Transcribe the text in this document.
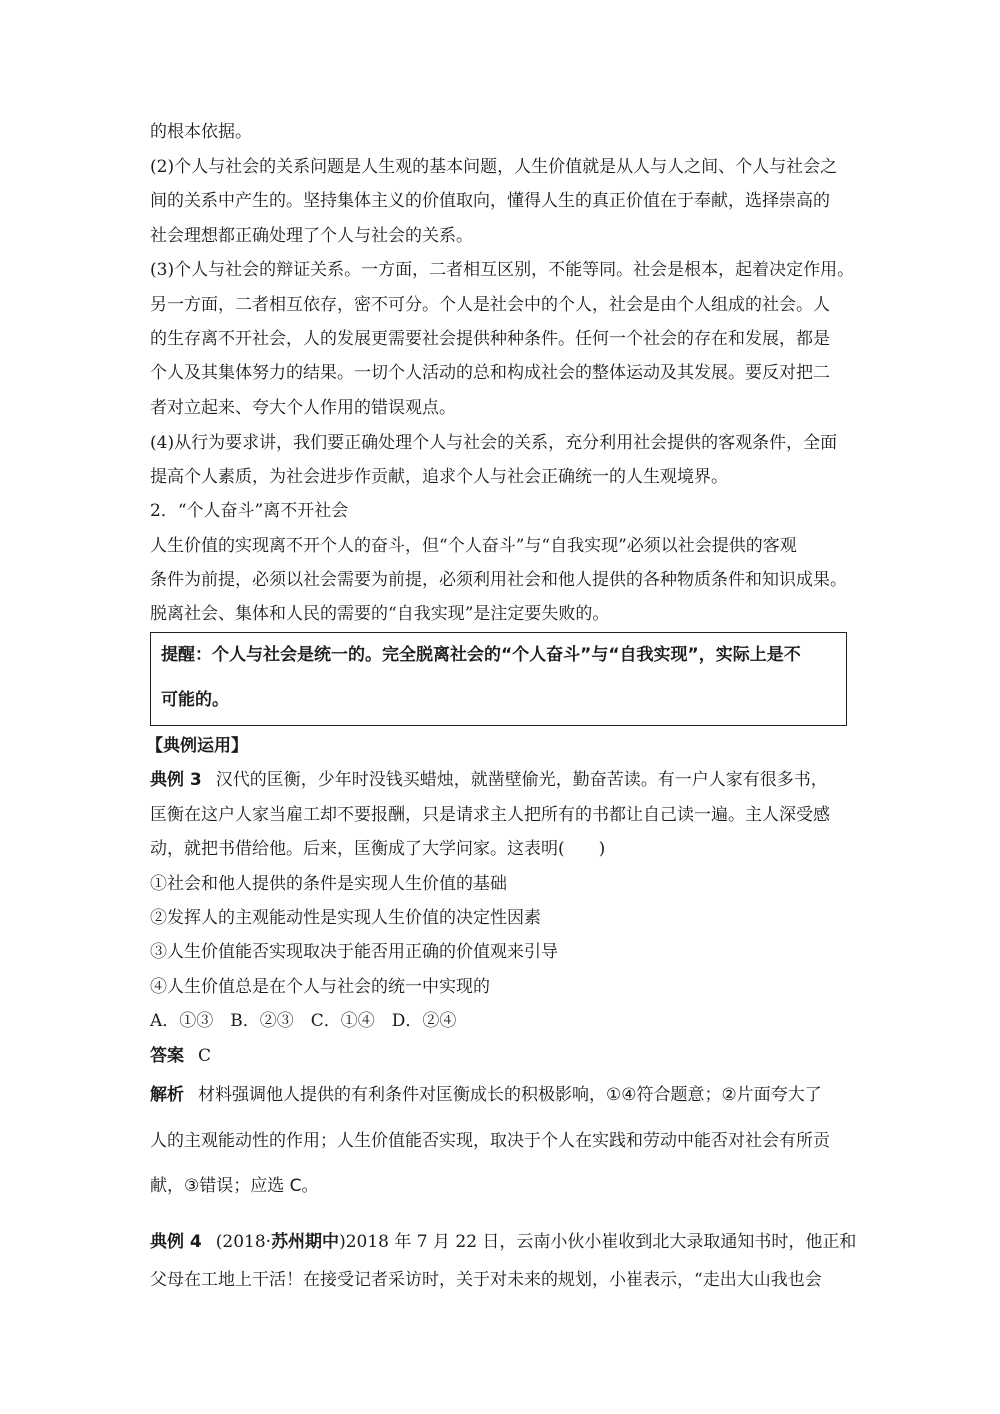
的根本依据。
(2)个人与社会的关系问题是人生观的基本问题，人生价值就是从人与人之间、个人与社会之
间的关系中产生的。坚持集体主义的价值取向，懂得人生的真正价值在于奉献，选择崇高的
社会理想都正确处理了个人与社会的关系。
(3)个人与社会的辩证关系。一方面，二者相互区别，不能等同。社会是根本，起着决定作用。
另一方面，二者相互依存，密不可分。个人是社会中的个人，社会是由个人组成的社会。人
的生存离不开社会，人的发展更需要社会提供种种条件。任何一个社会的存在和发展，都是
个人及其集体努力的结果。一切个人活动的总和构成社会的整体运动及其发展。要反对把二
者对立起来、夸大个人作用的错误观点。
(4)从行为要求讲，我们要正确处理个人与社会的关系，充分利用社会提供的客观条件，全面
提高个人素质，为社会进步作贡献，追求个人与社会正确统一的人生观境界。
2．“个人奋斗”离不开社会
人生价值的实现离不开个人的奋斗，但“个人奋斗”与“自我实现”必须以社会提供的客观
条件为前提，必须以社会需要为前提，必须利用社会和他人提供的各种物质条件和知识成果。
脱离社会、集体和人民的需要的“自我实现”是注定要失败的。
提醒：个人与社会是统一的。完全脱离社会的“个人奋斗”与“自我实现”，实际上是不
可能的。
【典例运用】
典例 3 汉代的匡衡，少年时没钱买蜡烛，就凿壁偷光，勤奋苦读。有一户人家有很多书，
匡衡在这户人家当雇工却不要报酬，只是请求主人把所有的书都让自己读一遍。主人深受感
动，就把书借给他。后来，匡衡成了大学问家。这表明(　　)
①社会和他人提供的条件是实现人生价值的基础
②发挥人的主观能动性是实现人生价值的决定性因素
③人生价值能否实现取决于能否用正确的价值观来引导
④人生价值总是在个人与社会的统一中实现的
A．①③　B．②③　C．①④　D．②④
答案 C
解析 材料强调他人提供的有利条件对匡衡成长的积极影响，①④符合题意；②片面夸大了
人的主观能动性的作用；人生价值能否实现，取决于个人在实践和劳动中能否对社会有所贡
献，③错误；应选 C。
典例 4 (2018·苏州期中)2018 年 7 月 22 日，云南小伙小崔收到北大录取通知书时，他正和
父母在工地上干活！在接受记者采访时，关于对未来的规划，小崔表示，“走出大山我也会
